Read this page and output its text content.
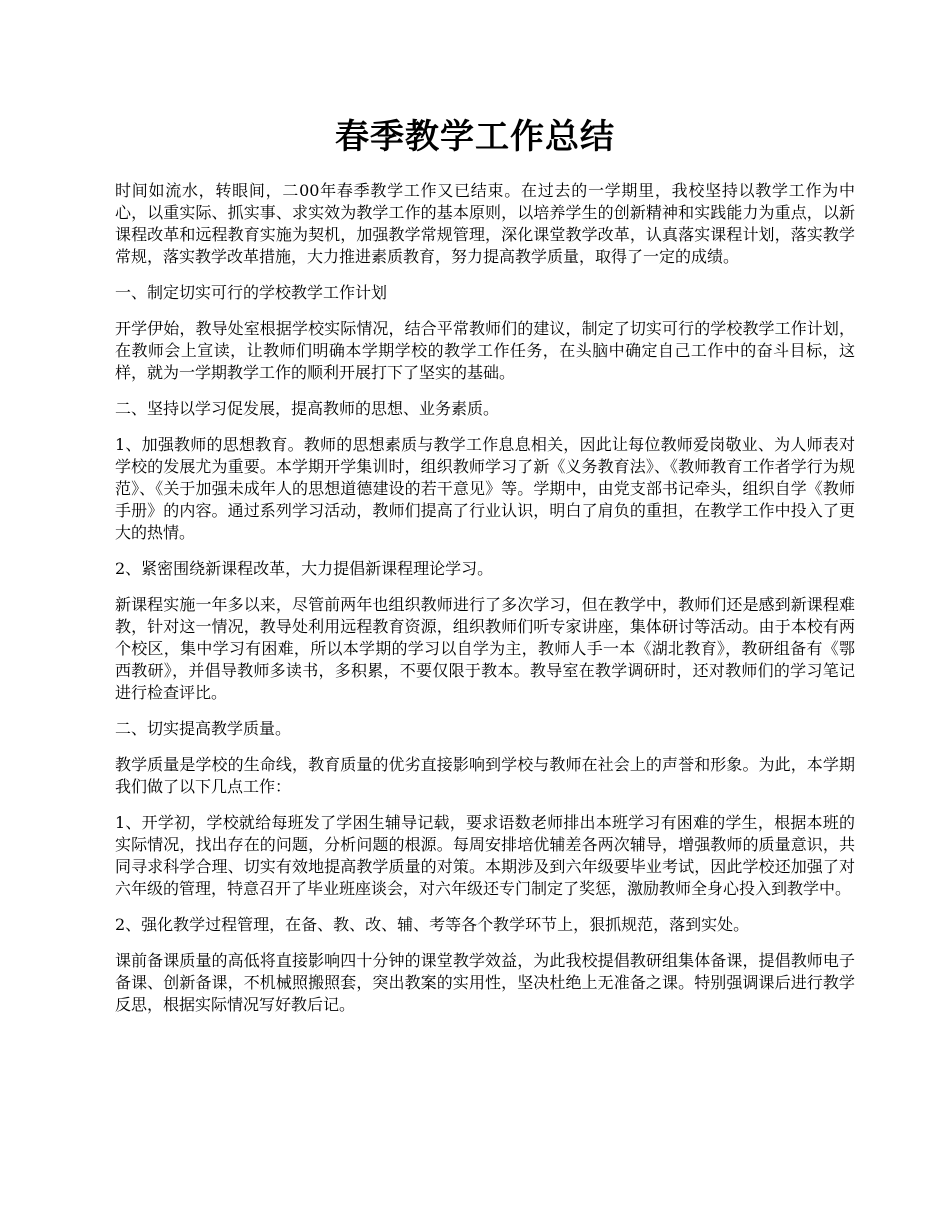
春季教学工作总结

时间如流水，转眼间，二00年春季教学工作又已结束。在过去的一学期里，我校坚持以教学工作为中心，以重实际、抓实事、求实效为教学工作的基本原则，以培养学生的创新精神和实践能力为重点，以新课程改革和远程教育实施为契机，加强教学常规管理，深化课堂教学改革，认真落实课程计划，落实教学常规，落实教学改革措施，大力推进素质教育，努力提高教学质量，取得了一定的成绩。

一、制定切实可行的学校教学工作计划

开学伊始，教导处室根据学校实际情况，结合平常教师们的建议，制定了切实可行的学校教学工作计划，在教师会上宣读，让教师们明确本学期学校的教学工作任务，在头脑中确定自己工作中的奋斗目标，这样，就为一学期教学工作的顺利开展打下了坚实的基础。

二、坚持以学习促发展，提高教师的思想、业务素质。

1、加强教师的思想教育。教师的思想素质与教学工作息息相关，因此让每位教师爱岗敬业、为人师表对学校的发展尤为重要。本学期开学集训时，组织教师学习了新《义务教育法》、《教师教育工作者学行为规范》、《关于加强未成年人的思想道德建设的若干意见》等。学期中，由党支部书记牵头，组织自学《教师手册》的内容。通过系列学习活动，教师们提高了行业认识，明白了肩负的重担，在教学工作中投入了更大的热情。

2、紧密围绕新课程改革，大力提倡新课程理论学习。

新课程实施一年多以来，尽管前两年也组织教师进行了多次学习，但在教学中，教师们还是感到新课程难教，针对这一情况，教导处利用远程教育资源，组织教师们听专家讲座，集体研讨等活动。由于本校有两个校区，集中学习有困难，所以本学期的学习以自学为主，教师人手一本《湖北教育》，教研组备有《鄂西教研》，并倡导教师多读书，多积累，不要仅限于教本。教导室在教学调研时，还对教师们的学习笔记进行检查评比。

二、切实提高教学质量。

教学质量是学校的生命线，教育质量的优劣直接影响到学校与教师在社会上的声誉和形象。为此，本学期我们做了以下几点工作：

1、开学初，学校就给每班发了学困生辅导记载，要求语数老师排出本班学习有困难的学生，根据本班的实际情况，找出存在的问题，分析问题的根源。每周安排培优辅差各两次辅导，增强教师的质量意识，共同寻求科学合理、切实有效地提高教学质量的对策。本期涉及到六年级要毕业考试，因此学校还加强了对六年级的管理，特意召开了毕业班座谈会，对六年级还专门制定了奖惩，激励教师全身心投入到教学中。

2、强化教学过程管理，在备、教、改、辅、考等各个教学环节上，狠抓规范，落到实处。

课前备课质量的高低将直接影响四十分钟的课堂教学效益，为此我校提倡教研组集体备课，提倡教师电子备课、创新备课，不机械照搬照套，突出教案的实用性，坚决杜绝上无准备之课。特别强调课后进行教学反思，根据实际情况写好教后记。
